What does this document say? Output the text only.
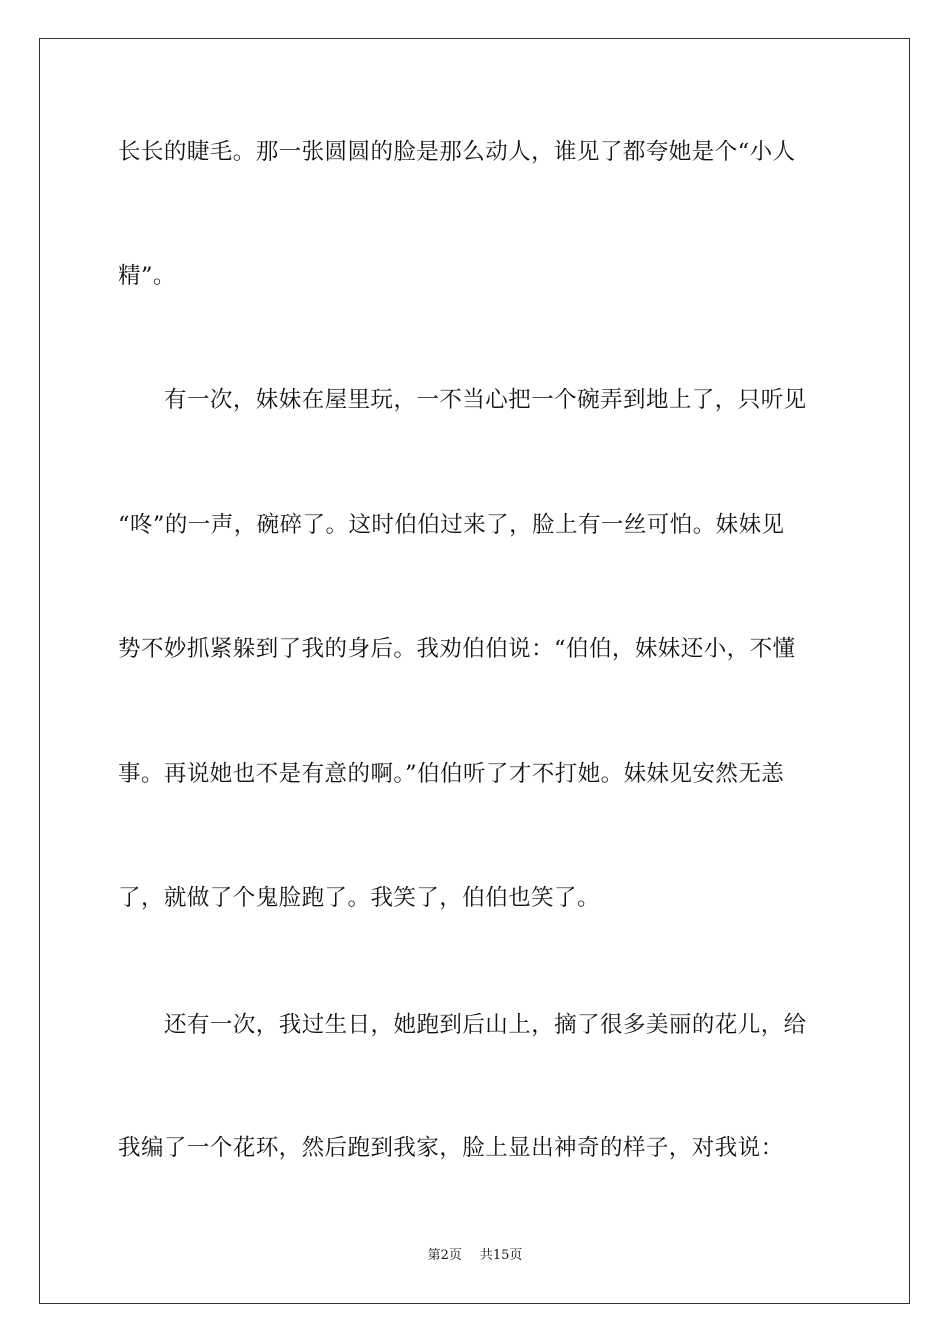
长长的睫毛。那一张圆圆的脸是那么动人，谁见了都夸她是个“小人
精”。
有一次，妹妹在屋里玩，一不当心把一个碗弄到地上了，只听见
“咚”的一声，碗碎了。这时伯伯过来了，脸上有一丝可怕。妹妹见
势不妙抓紧躲到了我的身后。我劝伯伯说：“伯伯，妹妹还小，不懂
事。再说她也不是有意的啊。”伯伯听了才不打她。妹妹见安然无恙
了，就做了个鬼脸跑了。我笑了，伯伯也笑了。
还有一次，我过生日，她跑到后山上，摘了很多美丽的花儿，给
我编了一个花环，然后跑到我家，脸上显出神奇的样子，对我说：
第2页 共15页
